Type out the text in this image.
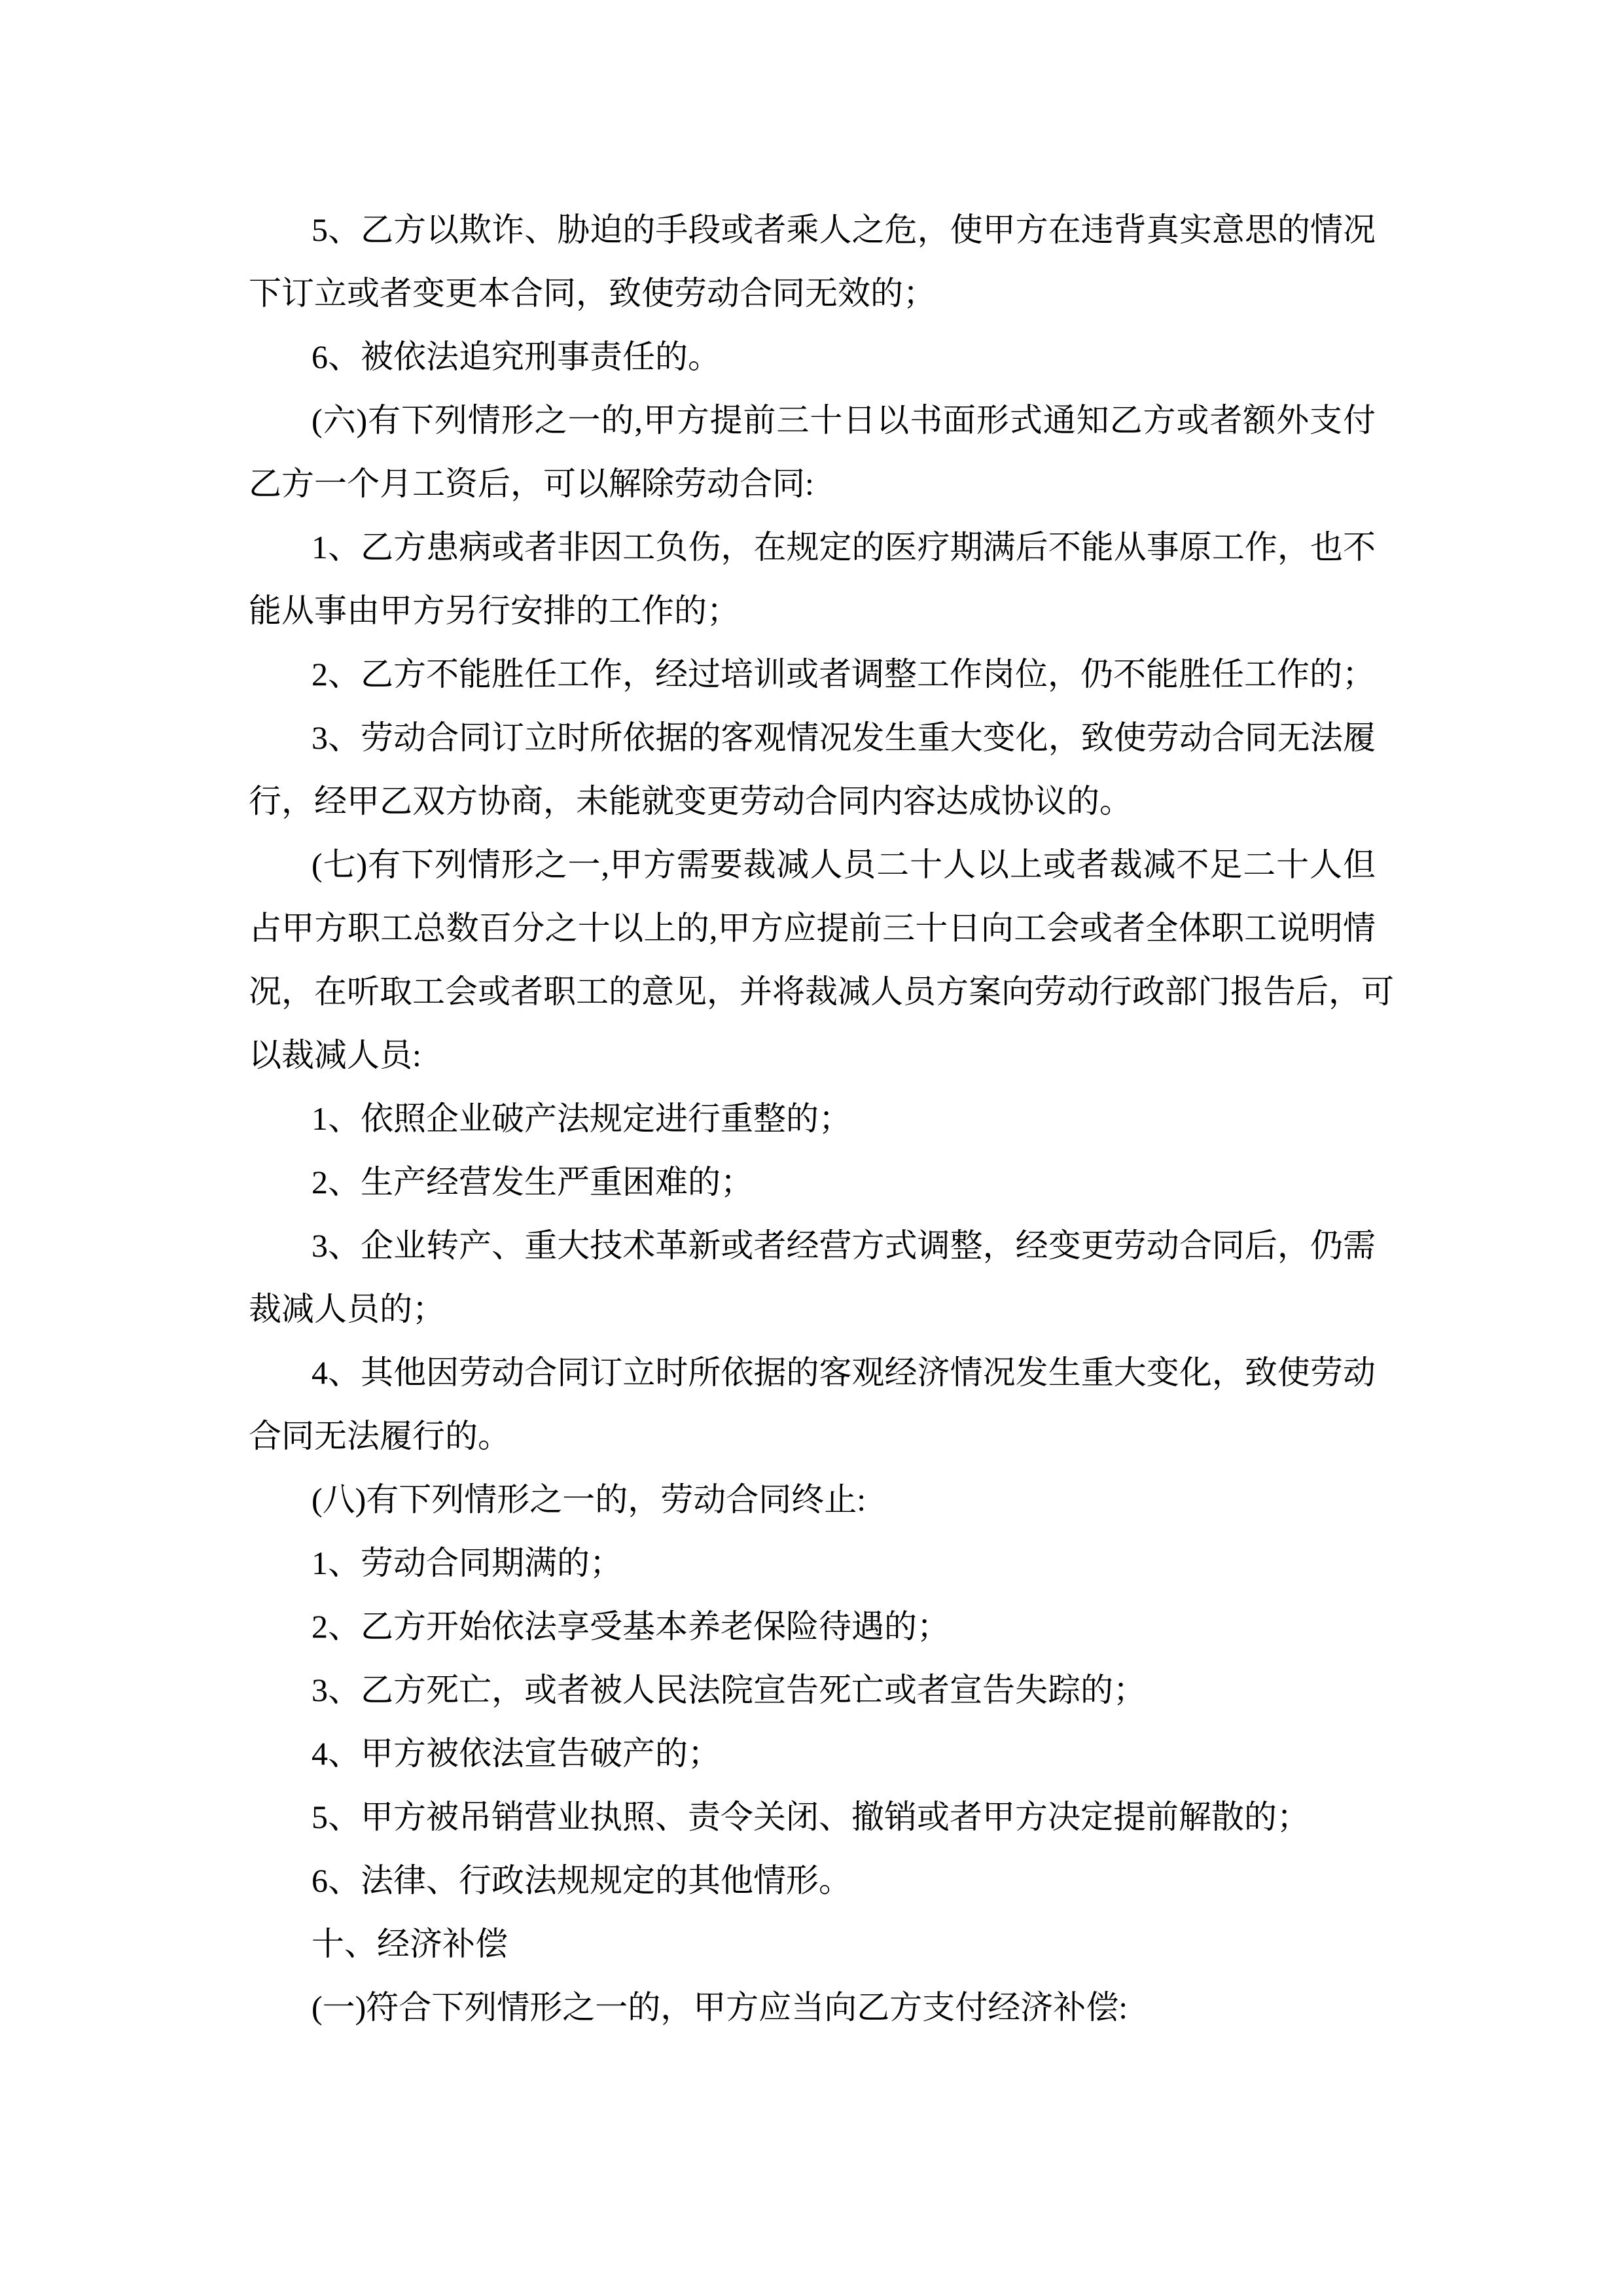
5、乙方以欺诈、胁迫的手段或者乘人之危，使甲方在违背真实意思的情况
下订立或者变更本合同，致使劳动合同无效的；
6、被依法追究刑事责任的。
(六)有下列情形之一的,甲方提前三十日以书面形式通知乙方或者额外支付
乙方一个月工资后，可以解除劳动合同:
1、乙方患病或者非因工负伤，在规定的医疗期满后不能从事原工作，也不
能从事由甲方另行安排的工作的；
2、乙方不能胜任工作，经过培训或者调整工作岗位，仍不能胜任工作的；
3、劳动合同订立时所依据的客观情况发生重大变化，致使劳动合同无法履
行，经甲乙双方协商，未能就变更劳动合同内容达成协议的。
(七)有下列情形之一,甲方需要裁减人员二十人以上或者裁减不足二十人但
占甲方职工总数百分之十以上的,甲方应提前三十日向工会或者全体职工说明情
况，在听取工会或者职工的意见，并将裁减人员方案向劳动行政部门报告后，可
以裁减人员:
1、依照企业破产法规定进行重整的；
2、生产经营发生严重困难的；
3、企业转产、重大技术革新或者经营方式调整，经变更劳动合同后，仍需
裁减人员的；
4、其他因劳动合同订立时所依据的客观经济情况发生重大变化，致使劳动
合同无法履行的。
(八)有下列情形之一的，劳动合同终止:
1、劳动合同期满的；
2、乙方开始依法享受基本养老保险待遇的；
3、乙方死亡，或者被人民法院宣告死亡或者宣告失踪的；
4、甲方被依法宣告破产的；
5、甲方被吊销营业执照、责令关闭、撤销或者甲方决定提前解散的；
6、法律、行政法规规定的其他情形。
十、经济补偿
(一)符合下列情形之一的，甲方应当向乙方支付经济补偿:
